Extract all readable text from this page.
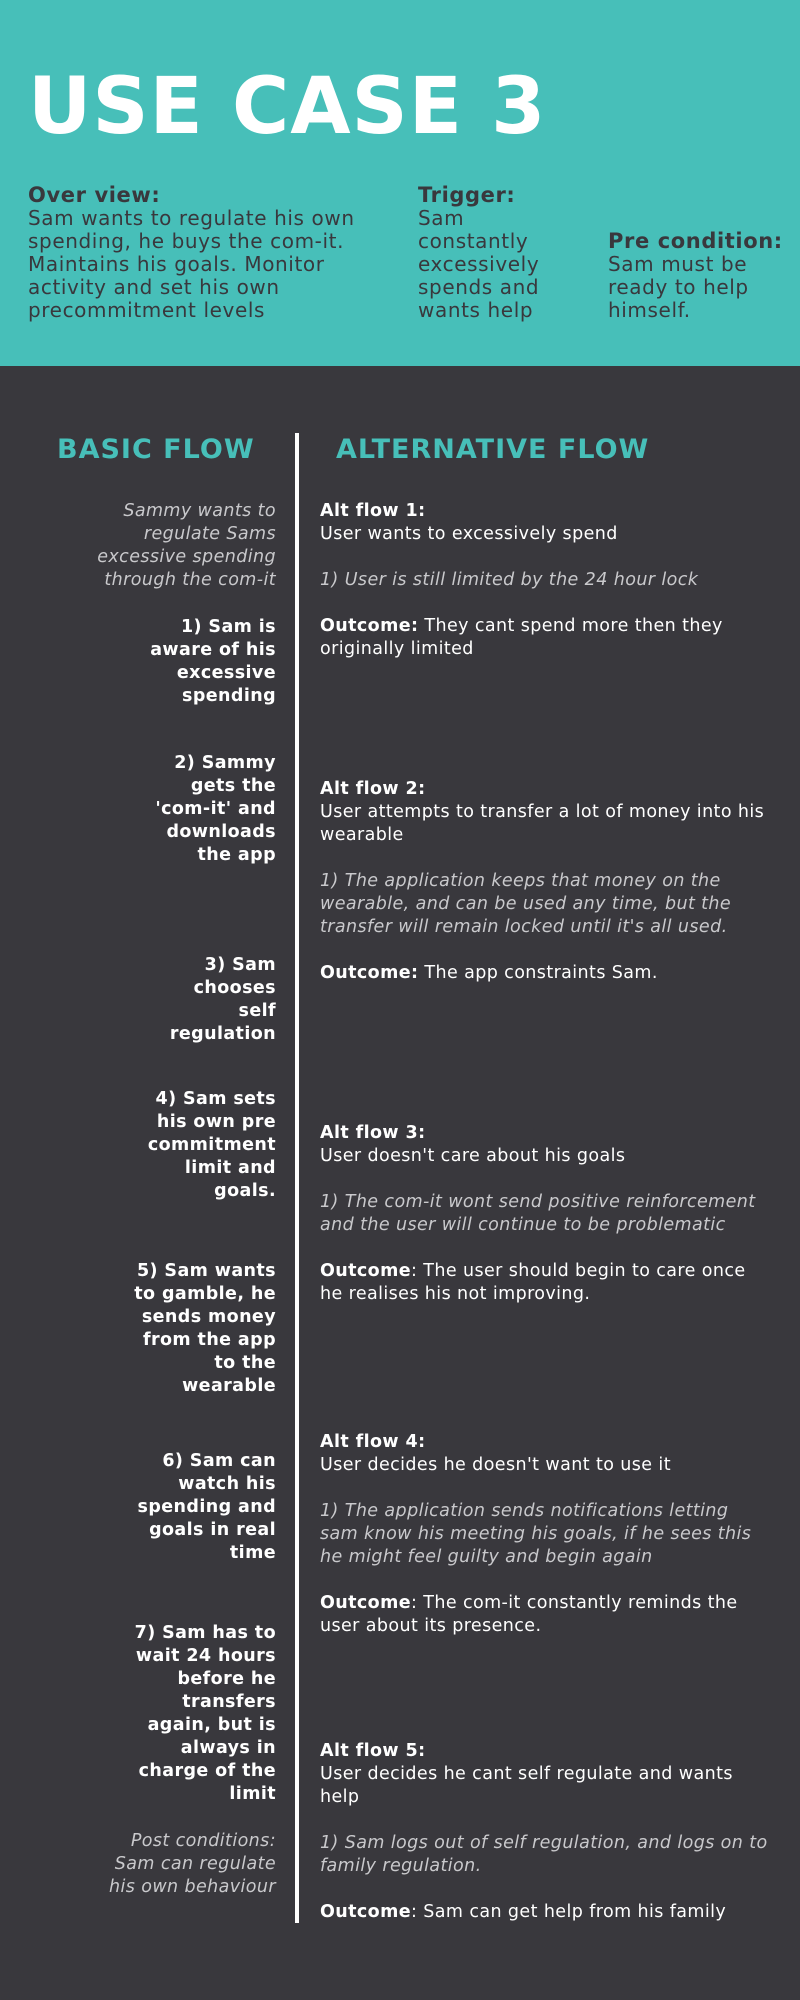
USE CASE 3
Over view:
Sam wants to regulate his own spending, he buys the com-it. Maintains his goals. Monitor activity and set his own precommitment levels
Trigger:
Sam constantly excessively spends and wants help
Pre condition:
Sam must be ready to help himself.
BASIC FLOW	ALTERNATIVE FLOW
Sammy wants to regulate Sams excessive spending through the com-it
1) Sam is aware of his excessive spending
2) Sammy gets the 'com-it' and downloads the app
3) Sam chooses self regulation
4) Sam sets his own pre commitment limit and goals.
5) Sam wants to gamble, he sends money from the app to the wearable
6) Sam can watch his spending and goals in real time
7) Sam has to wait 24 hours before he transfers again, but is always in charge of the limit
Post conditions: Sam can regulate his own behaviour
Alt flow 1:
User wants to excessively spend
1) User is still limited by the 24 hour lock
Outcome: They cant spend more then they originally limited
Alt flow 2:
User attempts to transfer a lot of money into his wearable
1) The application keeps that money on the wearable, and can be used any time, but the transfer will remain locked until it's all used.
Outcome: The app constraints Sam.
Alt flow 3:
User doesn't care about his goals
1) The com-it wont send positive reinforcement and the user will continue to be problematic
Outcome: The user should begin to care once he realises his not improving.
Alt flow 4:
User decides he doesn't want to use it
1) The application sends notifications letting sam know his meeting his goals, if he sees this he might feel guilty and begin again
Outcome: The com-it constantly reminds the user about its presence.
Alt flow 5:
User decides he cant self regulate and wants help
1) Sam logs out of self regulation, and logs on to family regulation.
Outcome: Sam can get help from his family
